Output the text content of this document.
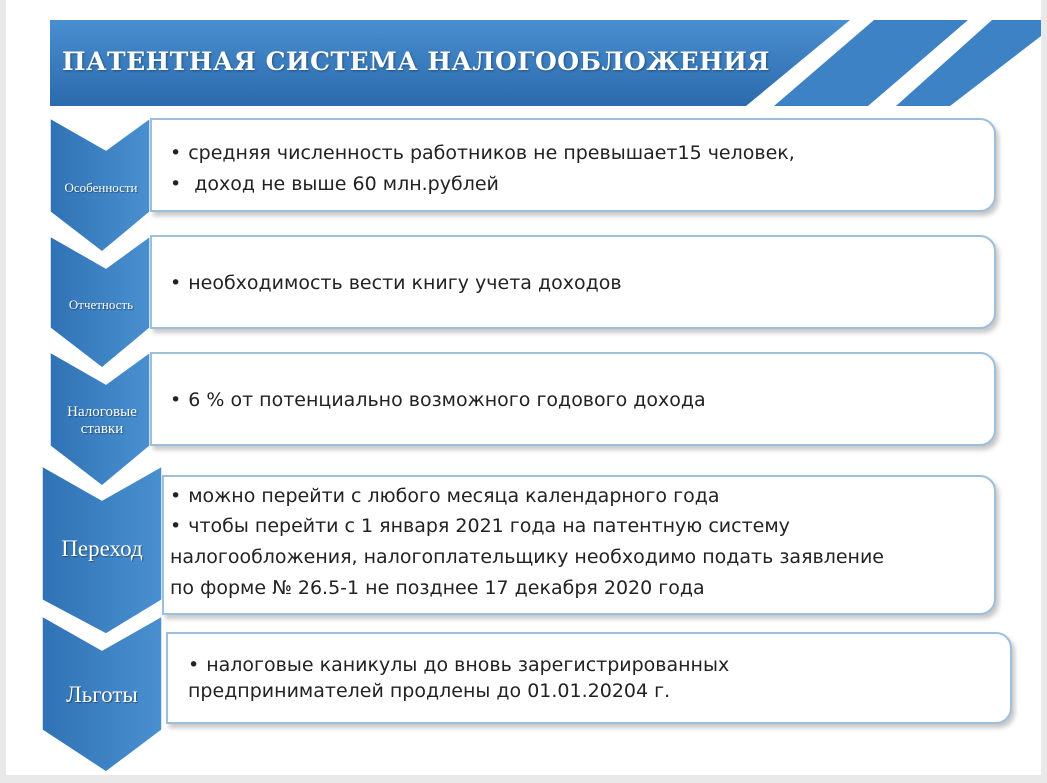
ПАТЕНТНАЯ СИСТЕМА НАЛОГООБЛОЖЕНИЯ
Особенности
• средняя численность работников не превышает15 человек,
• доход не выше 60 млн.рублей
Отчетность
• необходимость вести книгу учета доходов
Налоговые ставки
• 6 % от потенциально возможного годового дохода
Переход
• можно перейти с любого месяца календарного года
• чтобы перейти с 1 января 2021 года на патентную систему налогообложения, налогоплательщику необходимо подать заявление по форме № 26.5-1 не позднее 17 декабря 2020 года
Льготы
• налоговые каникулы до вновь зарегистрированных предпринимателей продлены до 01.01.20204 г.
